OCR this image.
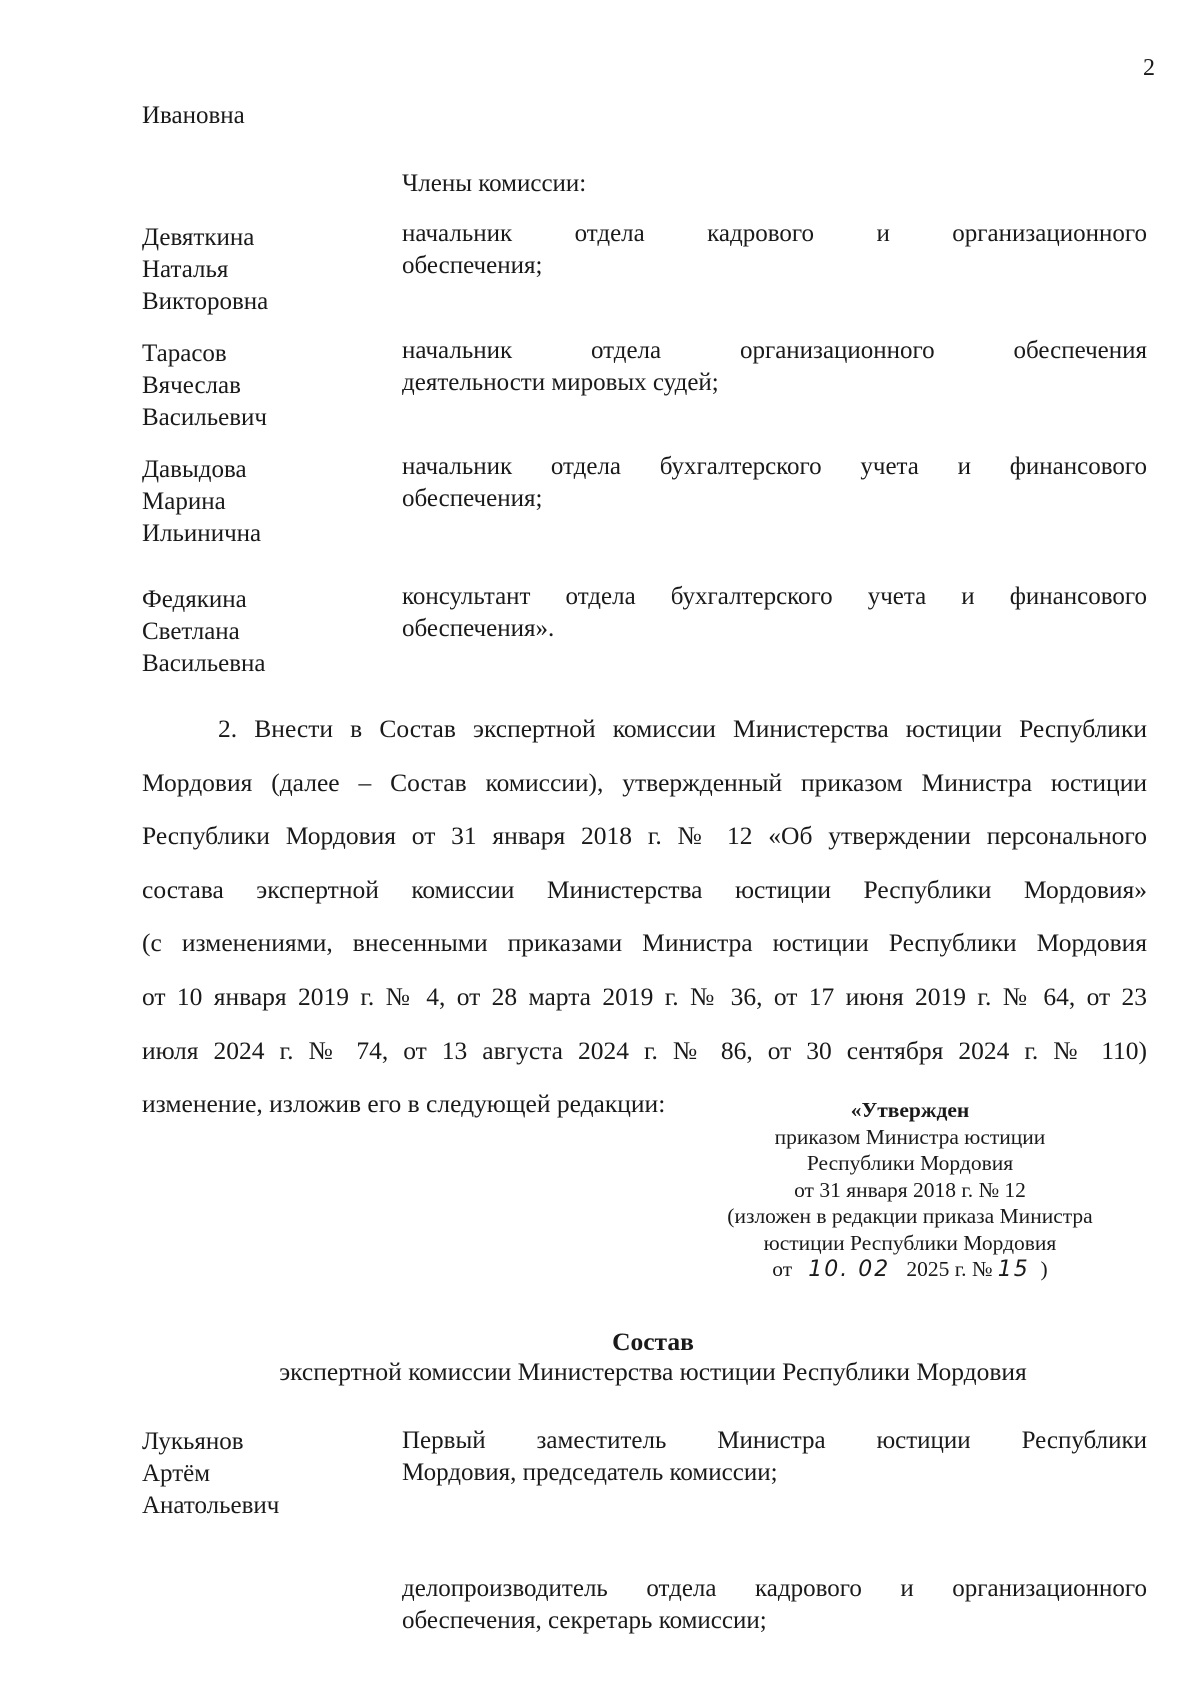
2
Ивановна
Члены комиссии:
Девяткина
Наталья
Викторовна
начальник отдела кадрового и организационного
обеспечения;
Тарасов
Вячеслав
Васильевич
начальник отдела организационного обеспечения
деятельности мировых судей;
Давыдова
Марина
Ильинична
начальник отдела бухгалтерского учета и финансового
обеспечения;
Федякина
Светлана
Васильевна
консультант отдела бухгалтерского учета и финансового
обеспечения».
2. Внести в Состав экспертной комиссии Министерства юстиции Республики
Мордовия (далее – Состав комиссии), утвержденный приказом Министра юстиции
Республики Мордовия от 31 января 2018 г. № 12 «Об утверждении персонального
состава экспертной комиссии Министерства юстиции Республики Мордовия»
(с изменениями, внесенными приказами Министра юстиции Республики Мордовия
от 10 января 2019 г. № 4, от 28 марта 2019 г. № 36, от 17 июня 2019 г. № 64, от 23
июля 2024 г. № 74, от 13 августа 2024 г. № 86, от 30 сентября 2024 г. № 110)
изменение, изложив его в следующей редакции:	«Утвержден
приказом Министра юстиции
Республики Мордовия
от 31 января 2018 г. № 12
(изложен в редакции приказа Министра
юстиции Республики Мордовия
от 10. 02 2025 г. № 15 )
Состав
экспертной комиссии Министерства юстиции Республики Мордовия
Лукьянов
Артём
Анатольевич
Первый заместитель Министра юстиции Республики
Мордовия, председатель комиссии;
делопроизводитель отдела кадрового и организационного
обеспечения, секретарь комиссии;
